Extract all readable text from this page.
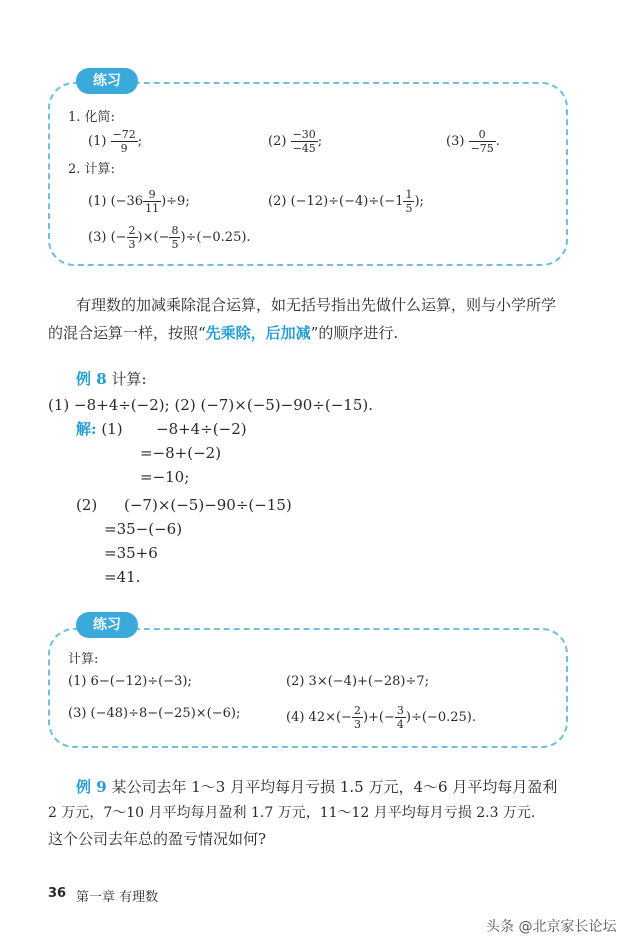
练习
1. 化简:
$(1) \frac{-72}{9}$ ;	$(2) \frac{-30}{-45}$ ;	$(3) \frac{0}{-75}$ .
2. 计算:
(1) $(-36 \frac{9}{11} )\div 9$;	(2) $(-12)\div(-4)\div(-1 \frac{1}{5}$ );
(3) (− $\frac{2}{3}$ )×(− $\frac{8}{5} )\div(-0.25)$.
有理数的加减乘除混合运算，如无括号指出先做什么运算，则与小学所学
的混合运算一样，按照“先乘除，后加减”的顺序进行.
例 8 计算:
(1) −8+4÷(−2); (2) (−7)×(−5)−90÷(−15).
解: (1) −8+4÷(−2)
=−8+(−2)
=−10;
(2) (−7)×(−5)−90÷(−15)
=35−(−6)
=35+6
=41.
练习
计算:
(1) 6−(−12)÷(−3);	(2) 3×(−4)+(−28)÷7;
(3) (−48)÷8−(−25)×(−6);	(4) $42\times(- \frac{2}{3}$ )+(− $\frac{3}{4} )\div(-0.25)$.
例 9 某公司去年 1～3 月平均每月亏损 1.5 万元，4～6 月平均每月盈利
2 万元，7～10 月平均每月盈利 1.7 万元，11～12 月平均每月亏损 2.3 万元.
这个公司去年总的盈亏情况如何?
36 第一章 有理数
头条 @北京家长论坛
